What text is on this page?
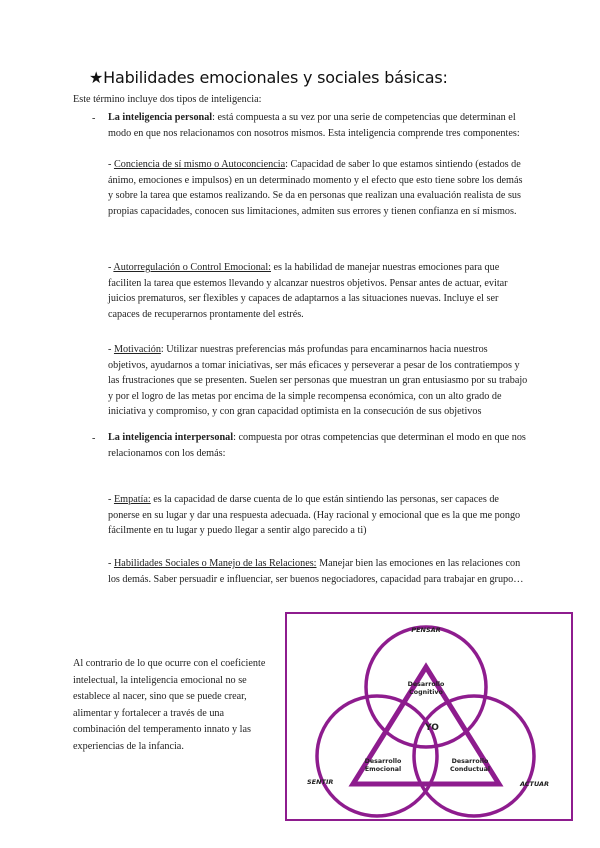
★Habilidades emocionales y sociales básicas:
Este término incluye dos tipos de inteligencia:
- La inteligencia personal: está compuesta a su vez por una serie de competencias que determinan el modo en que nos relacionamos con nosotros mismos. Esta inteligencia comprende tres componentes:
- Conciencia de sí mismo o Autoconciencia: Capacidad de saber lo que estamos sintiendo (estados de ánimo, emociones e impulsos) en un determinado momento y el efecto que esto tiene sobre los demás y sobre la tarea que estamos realizando. Se da en personas que realizan una evaluación realista de sus propias capacidades, conocen sus limitaciones, admiten sus errores y tienen confianza en sí mismos.
- Autorregulación o Control Emocional: es la habilidad de manejar nuestras emociones para que faciliten la tarea que estemos llevando y alcanzar nuestros objetivos. Pensar antes de actuar, evitar juicios prematuros, ser flexibles y capaces de adaptarnos a las situaciones nuevas. Incluye el ser capaces de recuperarnos prontamente del estrés.
- Motivación: Utilizar nuestras preferencias más profundas para encaminarnos hacia nuestros objetivos, ayudarnos a tomar iniciativas, ser más eficaces y perseverar a pesar de los contratiempos y las frustraciones que se presenten. Suelen ser personas que muestran un gran entusiasmo por su trabajo y por el logro de las metas por encima de la simple recompensa económica, con un alto grado de iniciativa y compromiso, y con gran capacidad optimista en la consecución de sus objetivos
- La inteligencia interpersonal: compuesta por otras competencias que determinan el modo en que nos relacionamos con los demás:
- Empatía: es la capacidad de darse cuenta de lo que están sintiendo las personas, ser capaces de ponerse en su lugar y dar una respuesta adecuada. (Hay racional y emocional que es la que me pongo fácilmente en tu lugar y puedo llegar a sentir algo parecido a ti)
- Habilidades Sociales o Manejo de las Relaciones: Manejar bien las emociones en las relaciones con los demás. Saber persuadir e influenciar, ser buenos negociadores, capacidad para trabajar en grupo…
Al contrario de lo que ocurre con el coeficiente intelectual, la inteligencia emocional no se establece al nacer, sino que se puede crear, alimentar y fortalecer a través de una combinación del temperamento innato y las experiencias de la infancia.
PENSAR
SENTIR	ACTUAR
Desarrollo
Cognitivo
YO
Desarrollo
Emocional
Desarrollo
Conductual
